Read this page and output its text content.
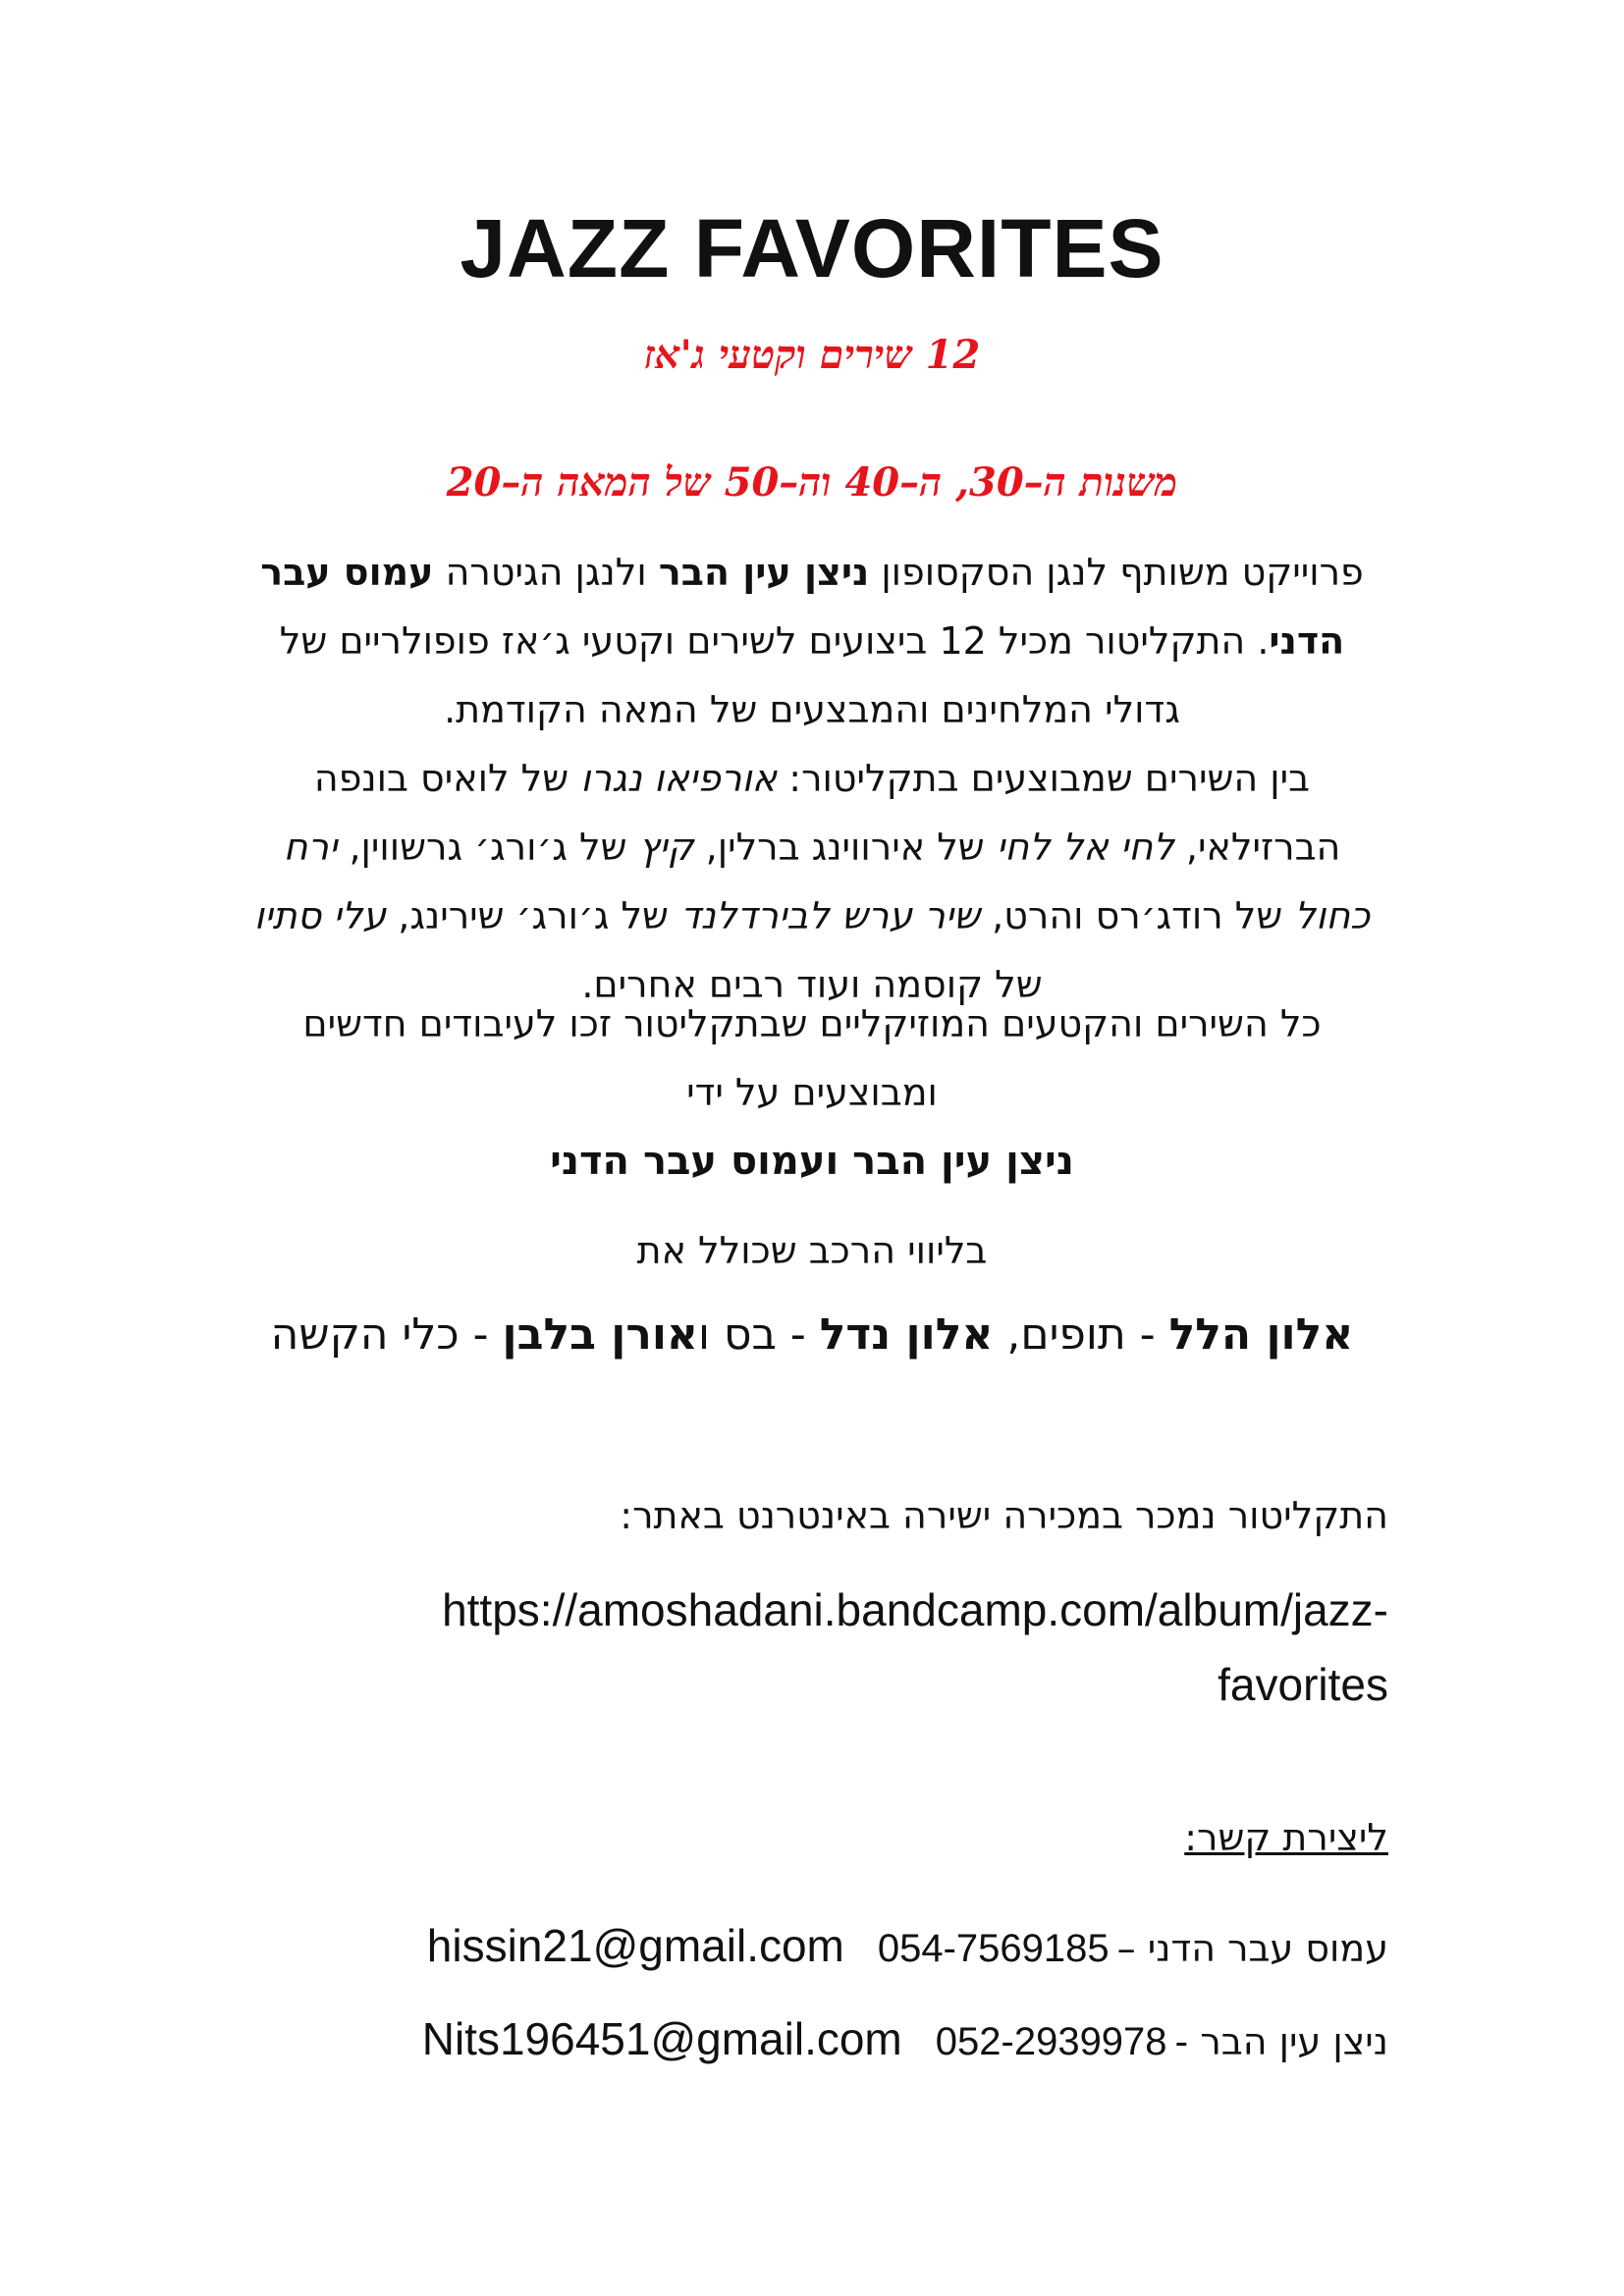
JAZZ FAVORITES
12 שירים וקטעי ג'אז
משנות ה–30, ה–40 וה–50 של המאה ה–20
פרוייקט משותף לנגן הסקסופון ניצן עין הבר ולנגן הגיטרה עמוס עבר הדני. התקליטור מכיל 12 ביצועים לשירים וקטעי ג׳אז פופולריים של גדולי המלחינים והמבצעים של המאה הקודמת.
בין השירים שמבוצעים בתקליטור: אורפיאו נגרו של לואיס בונפה הברזילאי, לחי אל לחי של אירווינג ברלין, קיץ של ג׳ורג׳ גרשווין, ירח כחול של רודג׳רס והרט, שיר ערש לבירדלנד של ג׳ורג׳ שירינג, עלי סתיו של קוסמה ועוד רבים אחרים.
כל השירים והקטעים המוזיקליים שבתקליטור זכו לעיבודים חדשים ומבוצעים על ידי
ניצן עין הבר ועמוס עבר הדני
בליווי הרכב שכולל את
אלון הלל - תופים, אלון נדל - בס ואורן בלבן - כלי הקשה
התקליטור נמכר במכירה ישירה באינטרנט באתר:
https://amoshadani.bandcamp.com/album/jazz-favorites
ליצירת קשר:
עמוס עבר הדני –054-7569185hissin21@gmail.com
ניצן עין הבר -052-2939978Nits196451@gmail.com
